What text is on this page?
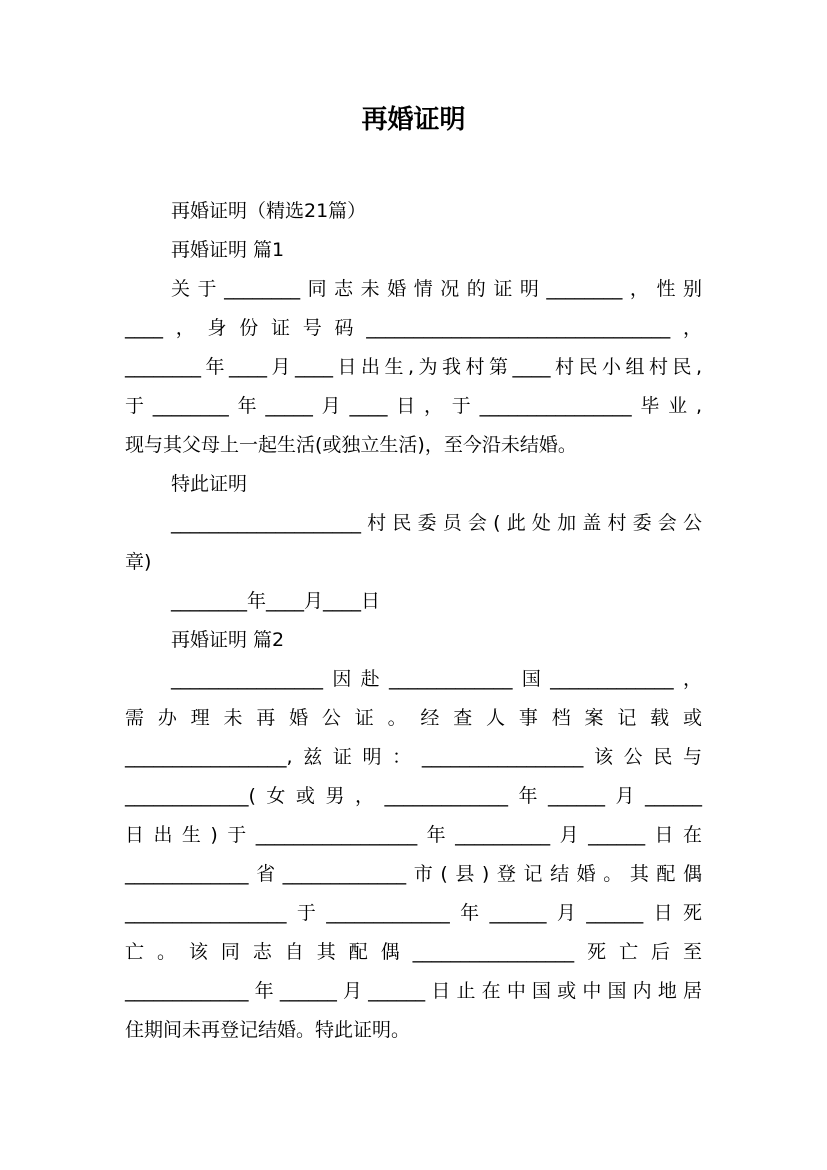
再婚证明
再婚证明（精选21篇）
再婚证明 篇1
关于________同志未婚情况的证明________，性别
____，身份证号码________________________________，
________年____月____日出生,为我村第____村民小组村民,
于________年_____月____日，于________________毕业,
现与其父母上一起生活(或独立生活)，至今沿未结婚。
特此证明
____________________村民委员会(此处加盖村委会公
章)
________年____月____日
再婚证明 篇2
________________因赴_____________国_____________，
需办理未再婚公证。经查人事档案记载或
_________________,兹证明：_________________该公民与
_____________(女或男，_____________年______月______
日出生)于_________________年__________月______日在
_____________省_____________市(县)登记结婚。其配偶
_________________于_____________年______月______日死
亡。该同志自其配偶_________________死亡后至
_____________年______月______日止在中国或中国内地居
住期间未再登记结婚。特此证明。
